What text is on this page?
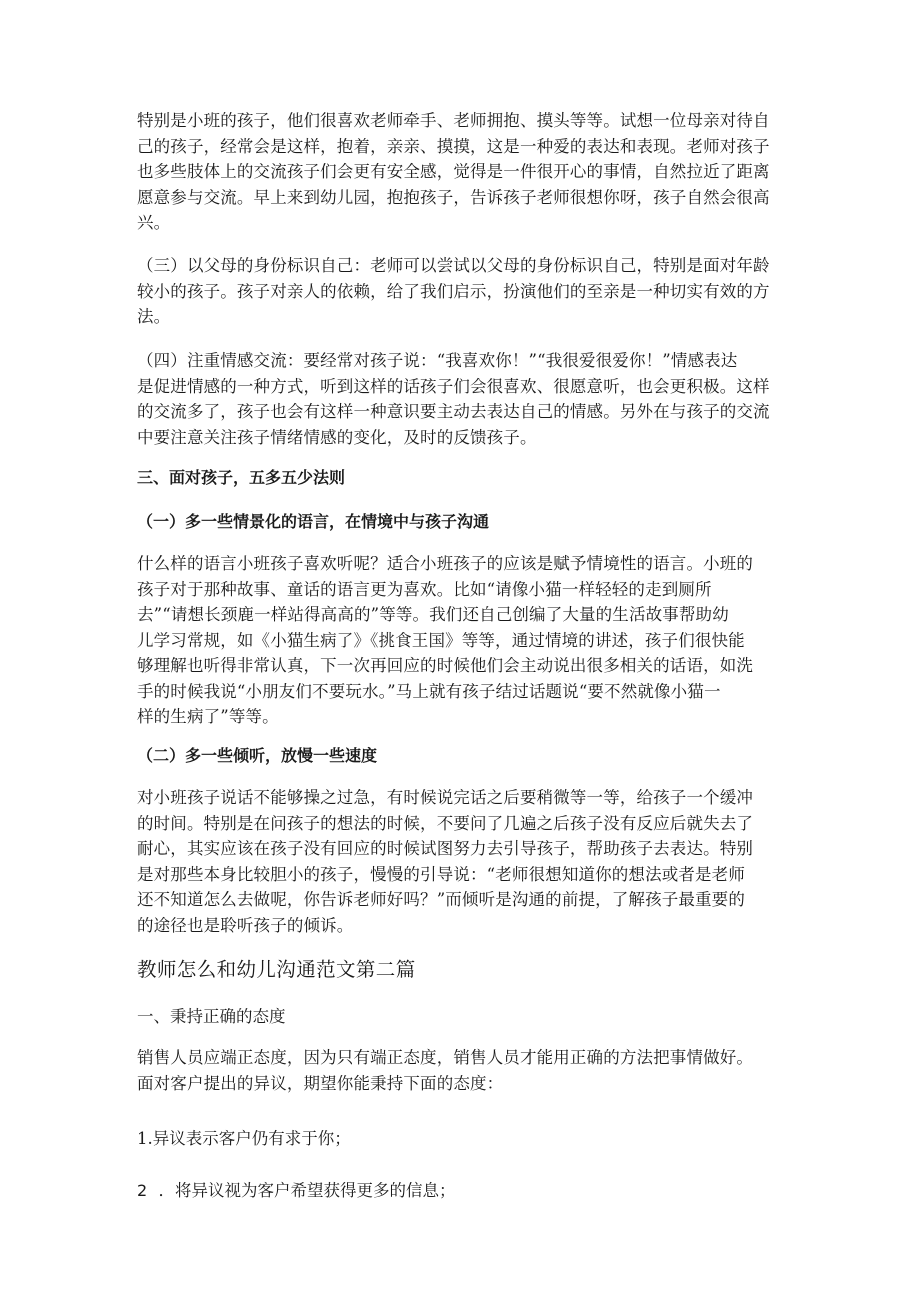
特别是小班的孩子，他们很喜欢老师牵手、老师拥抱、摸头等等。试想一位母亲对待自
己的孩子，经常会是这样，抱着，亲亲、摸摸，这是一种爱的表达和表现。老师对孩子
也多些肢体上的交流孩子们会更有安全感，觉得是一件很开心的事情，自然拉近了距离
愿意参与交流。早上来到幼儿园，抱抱孩子，告诉孩子老师很想你呀，孩子自然会很高
兴。

（三）以父母的身份标识自己：老师可以尝试以父母的身份标识自己，特别是面对年龄
较小的孩子。孩子对亲人的依赖，给了我们启示，扮演他们的至亲是一种切实有效的方
法。

（四）注重情感交流：要经常对孩子说：“我喜欢你！”“我很爱很爱你！”情感表达
是促进情感的一种方式，听到这样的话孩子们会很喜欢、很愿意听，也会更积极。这样
的交流多了，孩子也会有这样一种意识要主动去表达自己的情感。另外在与孩子的交流
中要注意关注孩子情绪情感的变化，及时的反馈孩子。

三、面对孩子，五多五少法则

（一）多一些情景化的语言，在情境中与孩子沟通

什么样的语言小班孩子喜欢听呢？适合小班孩子的应该是赋予情境性的语言。小班的
孩子对于那种故事、童话的语言更为喜欢。比如“请像小猫一样轻轻的走到厕所
去”“请想长颈鹿一样站得高高的”等等。我们还自己创编了大量的生活故事帮助幼
儿学习常规，如《小猫生病了》《挑食王国》等等，通过情境的讲述，孩子们很快能
够理解也听得非常认真，下一次再回应的时候他们会主动说出很多相关的话语，如洗
手的时候我说“小朋友们不要玩水。”马上就有孩子结过话题说“要不然就像小猫一
样的生病了”等等。

（二）多一些倾听，放慢一些速度

对小班孩子说话不能够操之过急，有时候说完话之后要稍微等一等，给孩子一个缓冲
的时间。特别是在问孩子的想法的时候，不要问了几遍之后孩子没有反应后就失去了
耐心，其实应该在孩子没有回应的时候试图努力去引导孩子，帮助孩子去表达。特别
是对那些本身比较胆小的孩子，慢慢的引导说：“老师很想知道你的想法或者是老师
还不知道怎么去做呢，你告诉老师好吗？”而倾听是沟通的前提，了解孩子最重要的
的途径也是聆听孩子的倾诉。

教师怎么和幼儿沟通范文第二篇

一、秉持正确的态度

销售人员应端正态度，因为只有端正态度，销售人员才能用正确的方法把事情做好。
面对客户提出的异议，期望你能秉持下面的态度：

1.异议表示客户仍有求于你；

2 ．将异议视为客户希望获得更多的信息；
